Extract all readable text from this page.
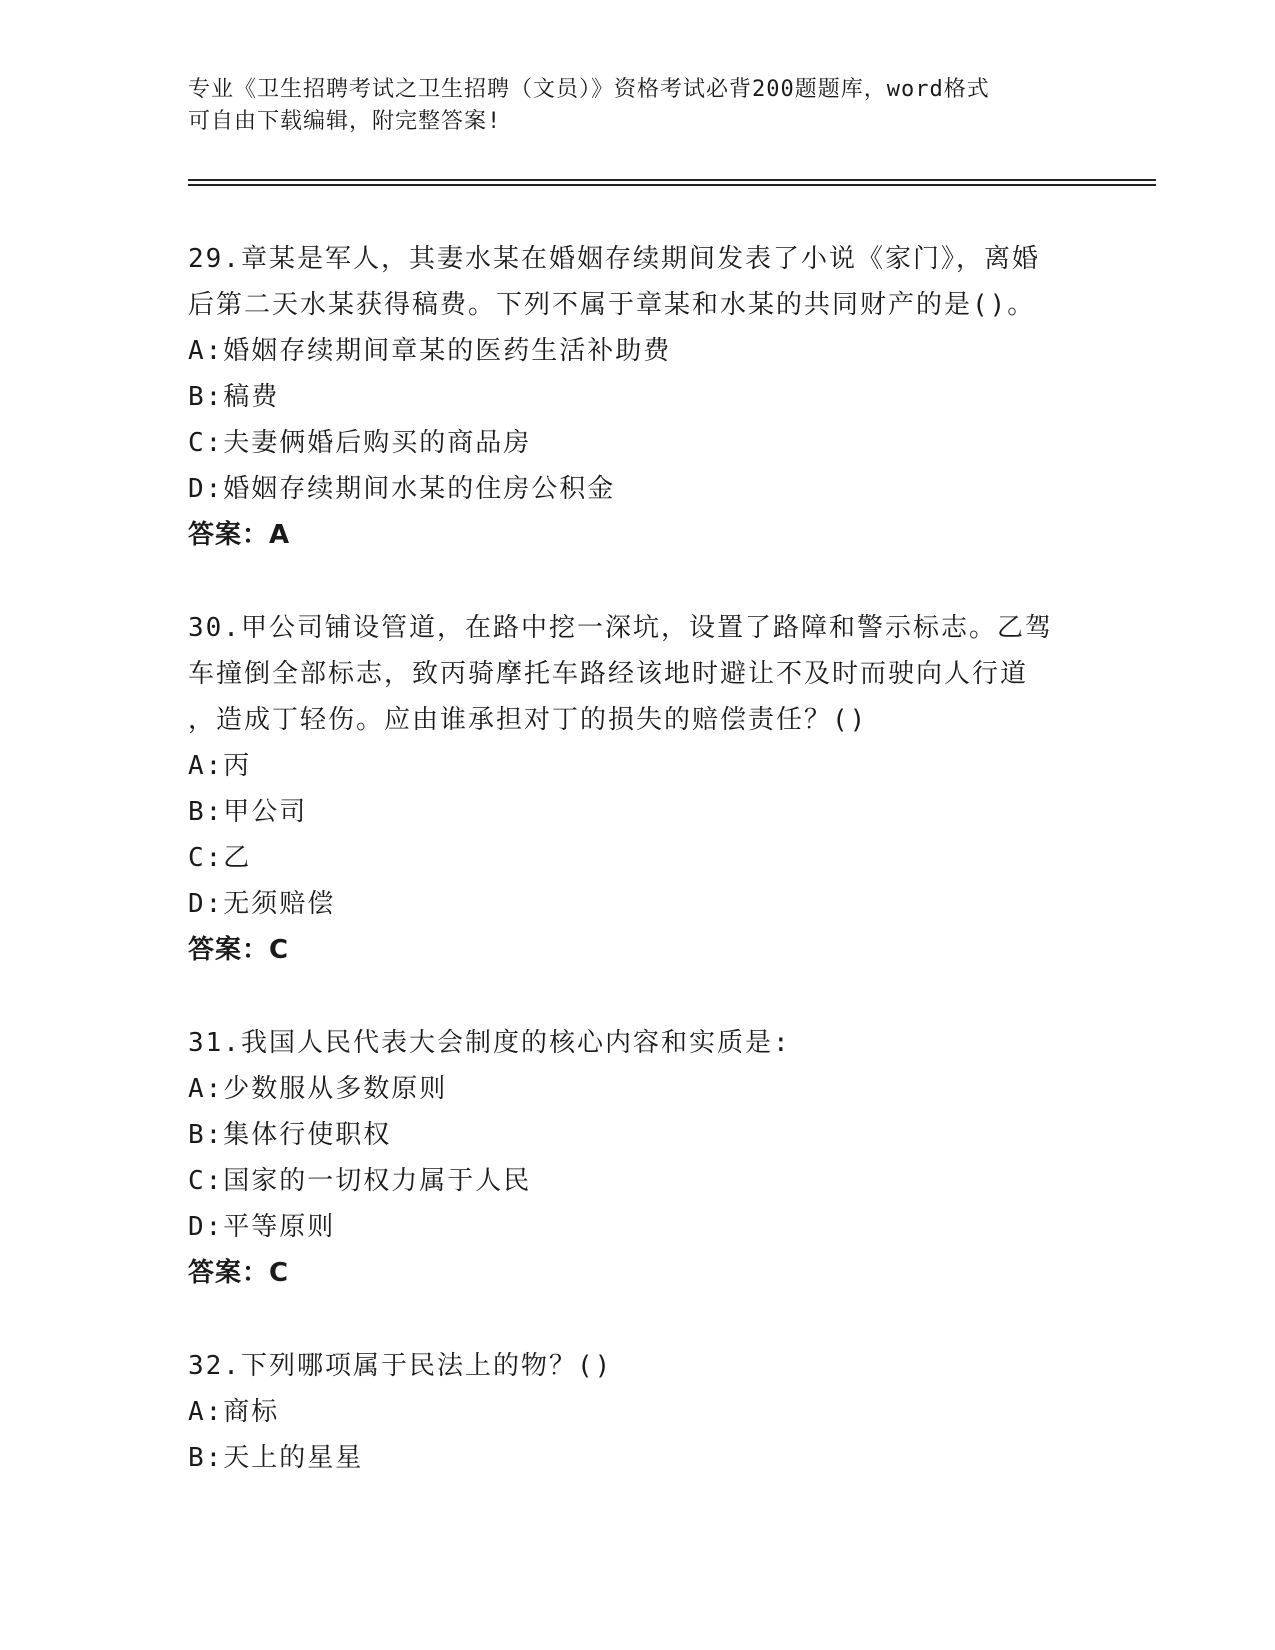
专业《卫生招聘考试之卫生招聘（文员）》资格考试必背200题题库，word格式
可自由下载编辑，附完整答案!
29.章某是军人，其妻水某在婚姻存续期间发表了小说《家门》，离婚
后第二天水某获得稿费。下列不属于章某和水某的共同财产的是()。
A:婚姻存续期间章某的医药生活补助费
B:稿费
C:夫妻俩婚后购买的商品房
D:婚姻存续期间水某的住房公积金
答案：A
30.甲公司铺设管道，在路中挖一深坑，设置了路障和警示标志。乙驾
车撞倒全部标志，致丙骑摩托车路经该地时避让不及时而驶向人行道
，造成丁轻伤。应由谁承担对丁的损失的赔偿责任？()
A:丙
B:甲公司
C:乙
D:无须赔偿
答案：C
31.我国人民代表大会制度的核心内容和实质是:
A:少数服从多数原则
B:集体行使职权
C:国家的一切权力属于人民
D:平等原则
答案：C
32.下列哪项属于民法上的物？()
A:商标
B:天上的星星
